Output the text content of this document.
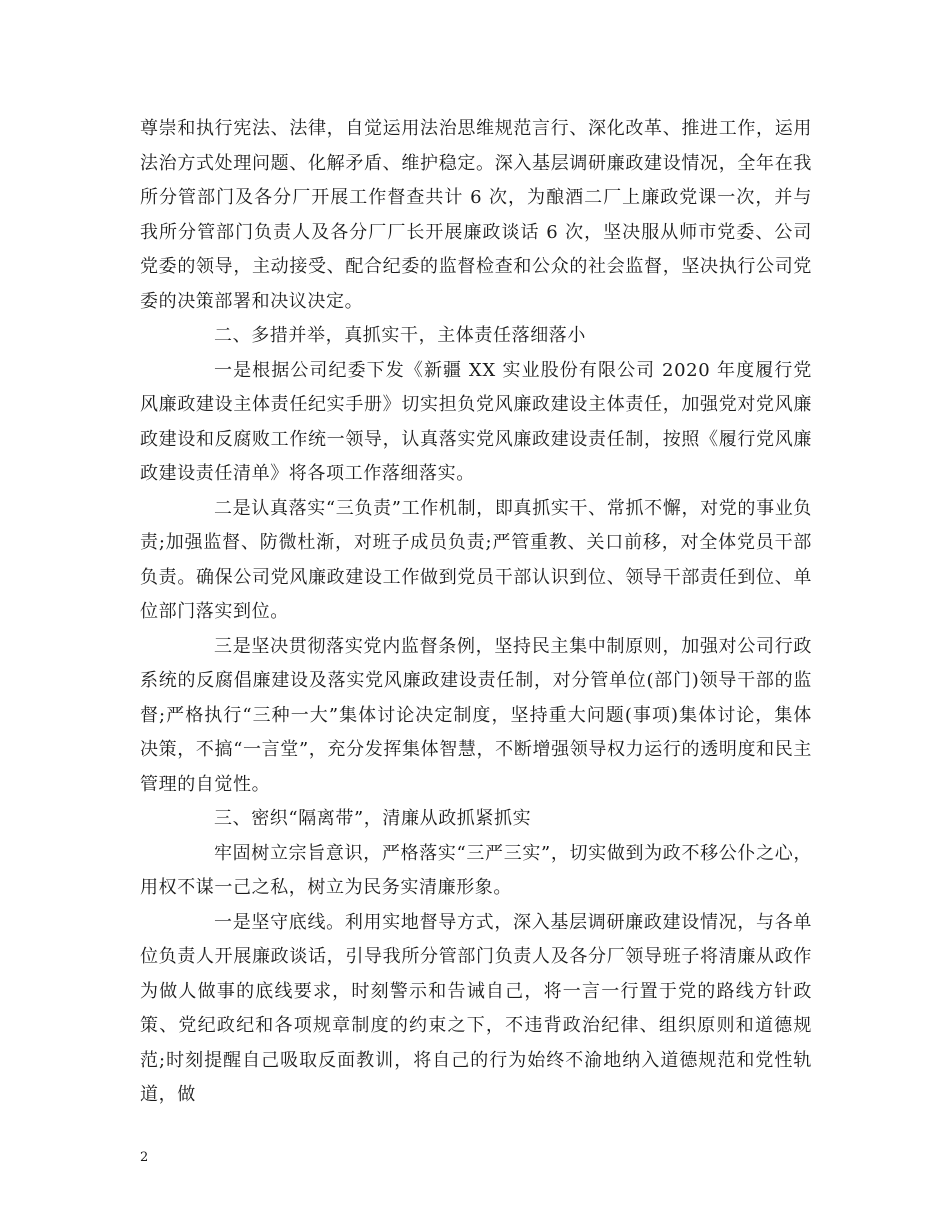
尊崇和执行宪法、法律，自觉运用法治思维规范言行、深化改革、推进工作，运用法治方式处理问题、化解矛盾、维护稳定。深入基层调研廉政建设情况，全年在我所分管部门及各分厂开展工作督查共计 6 次，为酿酒二厂上廉政党课一次，并与我所分管部门负责人及各分厂厂长开展廉政谈话 6 次，坚决服从师市党委、公司党委的领导，主动接受、配合纪委的监督检查和公众的社会监督，坚决执行公司党委的决策部署和决议决定。

二、多措并举，真抓实干，主体责任落细落小

一是根据公司纪委下发《新疆 XX 实业股份有限公司 2020 年度履行党风廉政建设主体责任纪实手册》切实担负党风廉政建设主体责任，加强党对党风廉政建设和反腐败工作统一领导，认真落实党风廉政建设责任制，按照《履行党风廉政建设责任清单》将各项工作落细落实。

二是认真落实“三负责”工作机制，即真抓实干、常抓不懈，对党的事业负责;加强监督、防微杜渐，对班子成员负责;严管重教、关口前移，对全体党员干部负责。确保公司党风廉政建设工作做到党员干部认识到位、领导干部责任到位、单位部门落实到位。

三是坚决贯彻落实党内监督条例，坚持民主集中制原则，加强对公司行政系统的反腐倡廉建设及落实党风廉政建设责任制，对分管单位(部门)领导干部的监督;严格执行“三种一大”集体讨论决定制度，坚持重大问题(事项)集体讨论，集体决策，不搞“一言堂”，充分发挥集体智慧，不断增强领导权力运行的透明度和民主管理的自觉性。

三、密织“隔离带”，清廉从政抓紧抓实

牢固树立宗旨意识，严格落实“三严三实”，切实做到为政不移公仆之心，用权不谋一己之私，树立为民务实清廉形象。

一是坚守底线。利用实地督导方式，深入基层调研廉政建设情况，与各单位负责人开展廉政谈话，引导我所分管部门负责人及各分厂领导班子将清廉从政作为做人做事的底线要求，时刻警示和告诫自己，将一言一行置于党的路线方针政策、党纪政纪和各项规章制度的约束之下，不违背政治纪律、组织原则和道德规范;时刻提醒自己吸取反面教训，将自己的行为始终不渝地纳入道德规范和党性轨道，做

2
